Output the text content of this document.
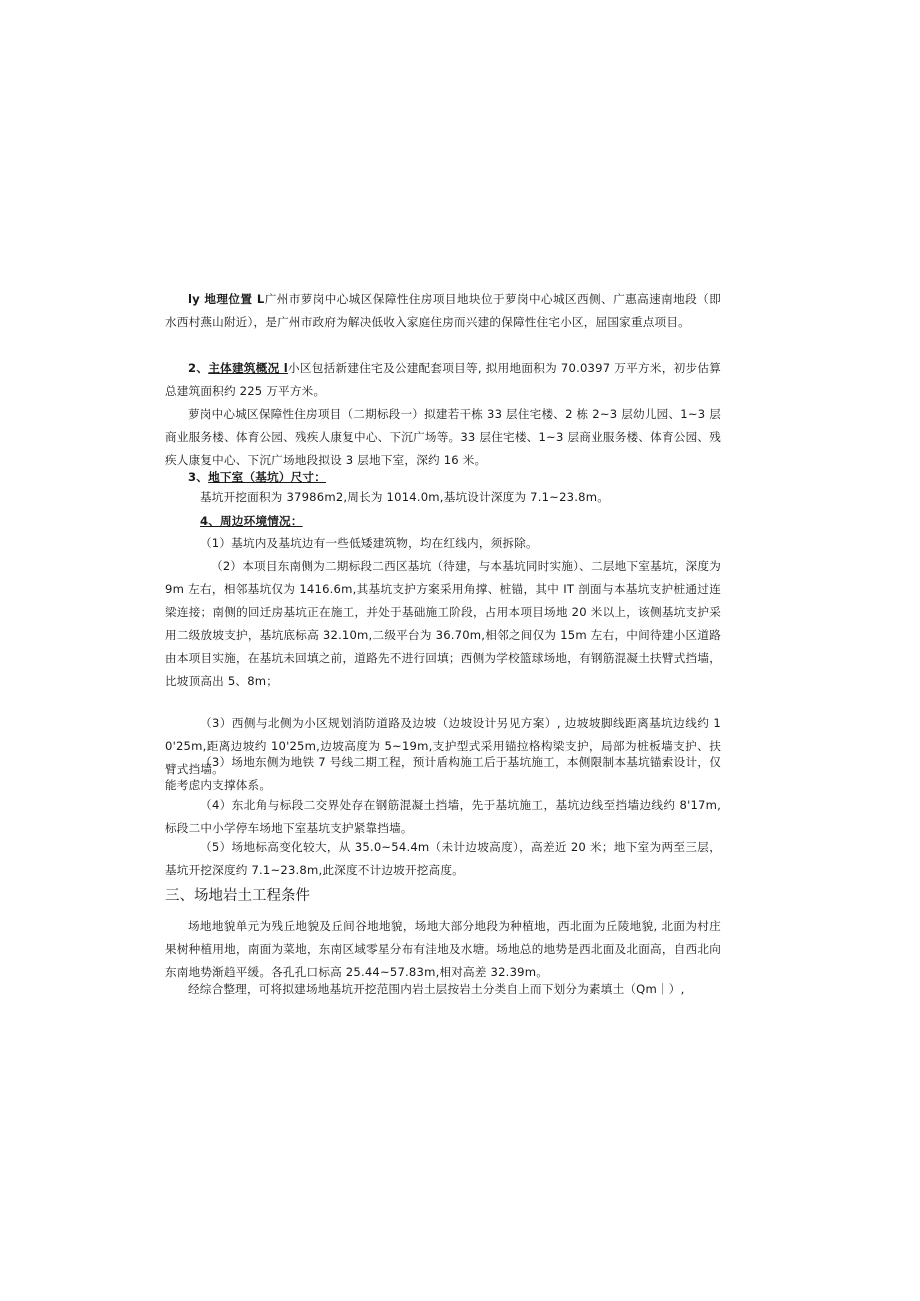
ly 地理位置 L广州市萝岗中心城区保障性住房项目地块位于萝岗中心城区西侧、广惠高速南地段（即水西村燕山附近），是广州市政府为解决低收入家庭住房而兴建的保障性住宅小区，屈国家重点项目。

2、主体建筑概况 l小区包括新建住宅及公建配套项目等, 拟用地面积为 70.0397 万平方米，初步估算总建筑面积约 225 万平方米。

萝岗中心城区保障性住房项目（二期标段一）拟建若干栋 33 层住宅楼、2 栋 2~3 层幼儿园、1~3 层商业服务楼、体育公园、残疾人康复中心、下沉广场等。33 层住宅楼、1~3 层商业服务楼、体育公园、残疾人康复中心、下沉广场地段拟设 3 层地下室，深约 16 米。

3、地下室（基坑）尺寸：

基坑开挖面积为 37986m2,周长为 1014.0m,基坑设计深度为 7.1~23.8m。

4、周边环境情况：

（1）基坑内及基坑边有一些低矮建筑物，均在红线内，须拆除。

（2）本项目东南侧为二期标段二西区基坑（待建，与本基坑同时实施）、二层地下室基坑，深度为 9m 左右，相邻基坑仅为 1416.6m,其基坑支护方案采用角撑、桩锚，其中 IT 剖面与本基坑支护桩通过连梁连接；南侧的回迁房基坑正在施工，并处于基础施工阶段，占用本项目场地 20 米以上，该侧基坑支护采用二级放坡支护，基坑底标高 32.10m,二级平台为 36.70m,相邻之间仅为 15m 左右，中间待建小区道路由本项目实施，在基坑未回填之前，道路先不进行回填；西侧为学校篮球场地，有钢筋混凝土扶臂式挡墙，比坡顶高出 5、8m；

（3）西侧与北侧为小区规划消防道路及边坡（边坡设计另见方案）, 边坡坡脚线距离基坑边线约 10'25m,距离边坡约 10'25m,边坡高度为 5~19m,支护型式采用锚拉格构梁支护，局部为桩板墙支护、扶臂式挡墙。

（3）场地东侧为地铁 7 号线二期工程，预计盾构施工后于基坑施工，本侧限制本基坑锚索设计，仅能考虑内支撑体系。

（4）东北角与标段二交界处存在钢筋混凝土挡墙，先于基坑施工，基坑边线至挡墙边线约 8'17m,标段二中小学停车场地下室基坑支护紧靠挡墙。

（5）场地标高变化较大，从 35.0~54.4m（未计边坡高度），高差近 20 米；地下室为两至三层，基坑开挖深度约 7.1~23.8m,此深度不计边坡开挖高度。

三、场地岩土工程条件

场地地貌单元为残丘地貌及丘间谷地地貌，场地大部分地段为种植地，西北面为丘陵地貌, 北面为村庄果树种植用地，南面为菜地，东南区域零星分布有洼地及水塘。场地总的地势是西北面及北面高，自西北向东南地势渐趋平缓。各孔孔口标高 25.44~57.83m,相对高差 32.39m。

经综合整理，可将拟建场地基坑开挖范围内岩土层按岩土分类自上而下划分为素填土（Qm｜）,
